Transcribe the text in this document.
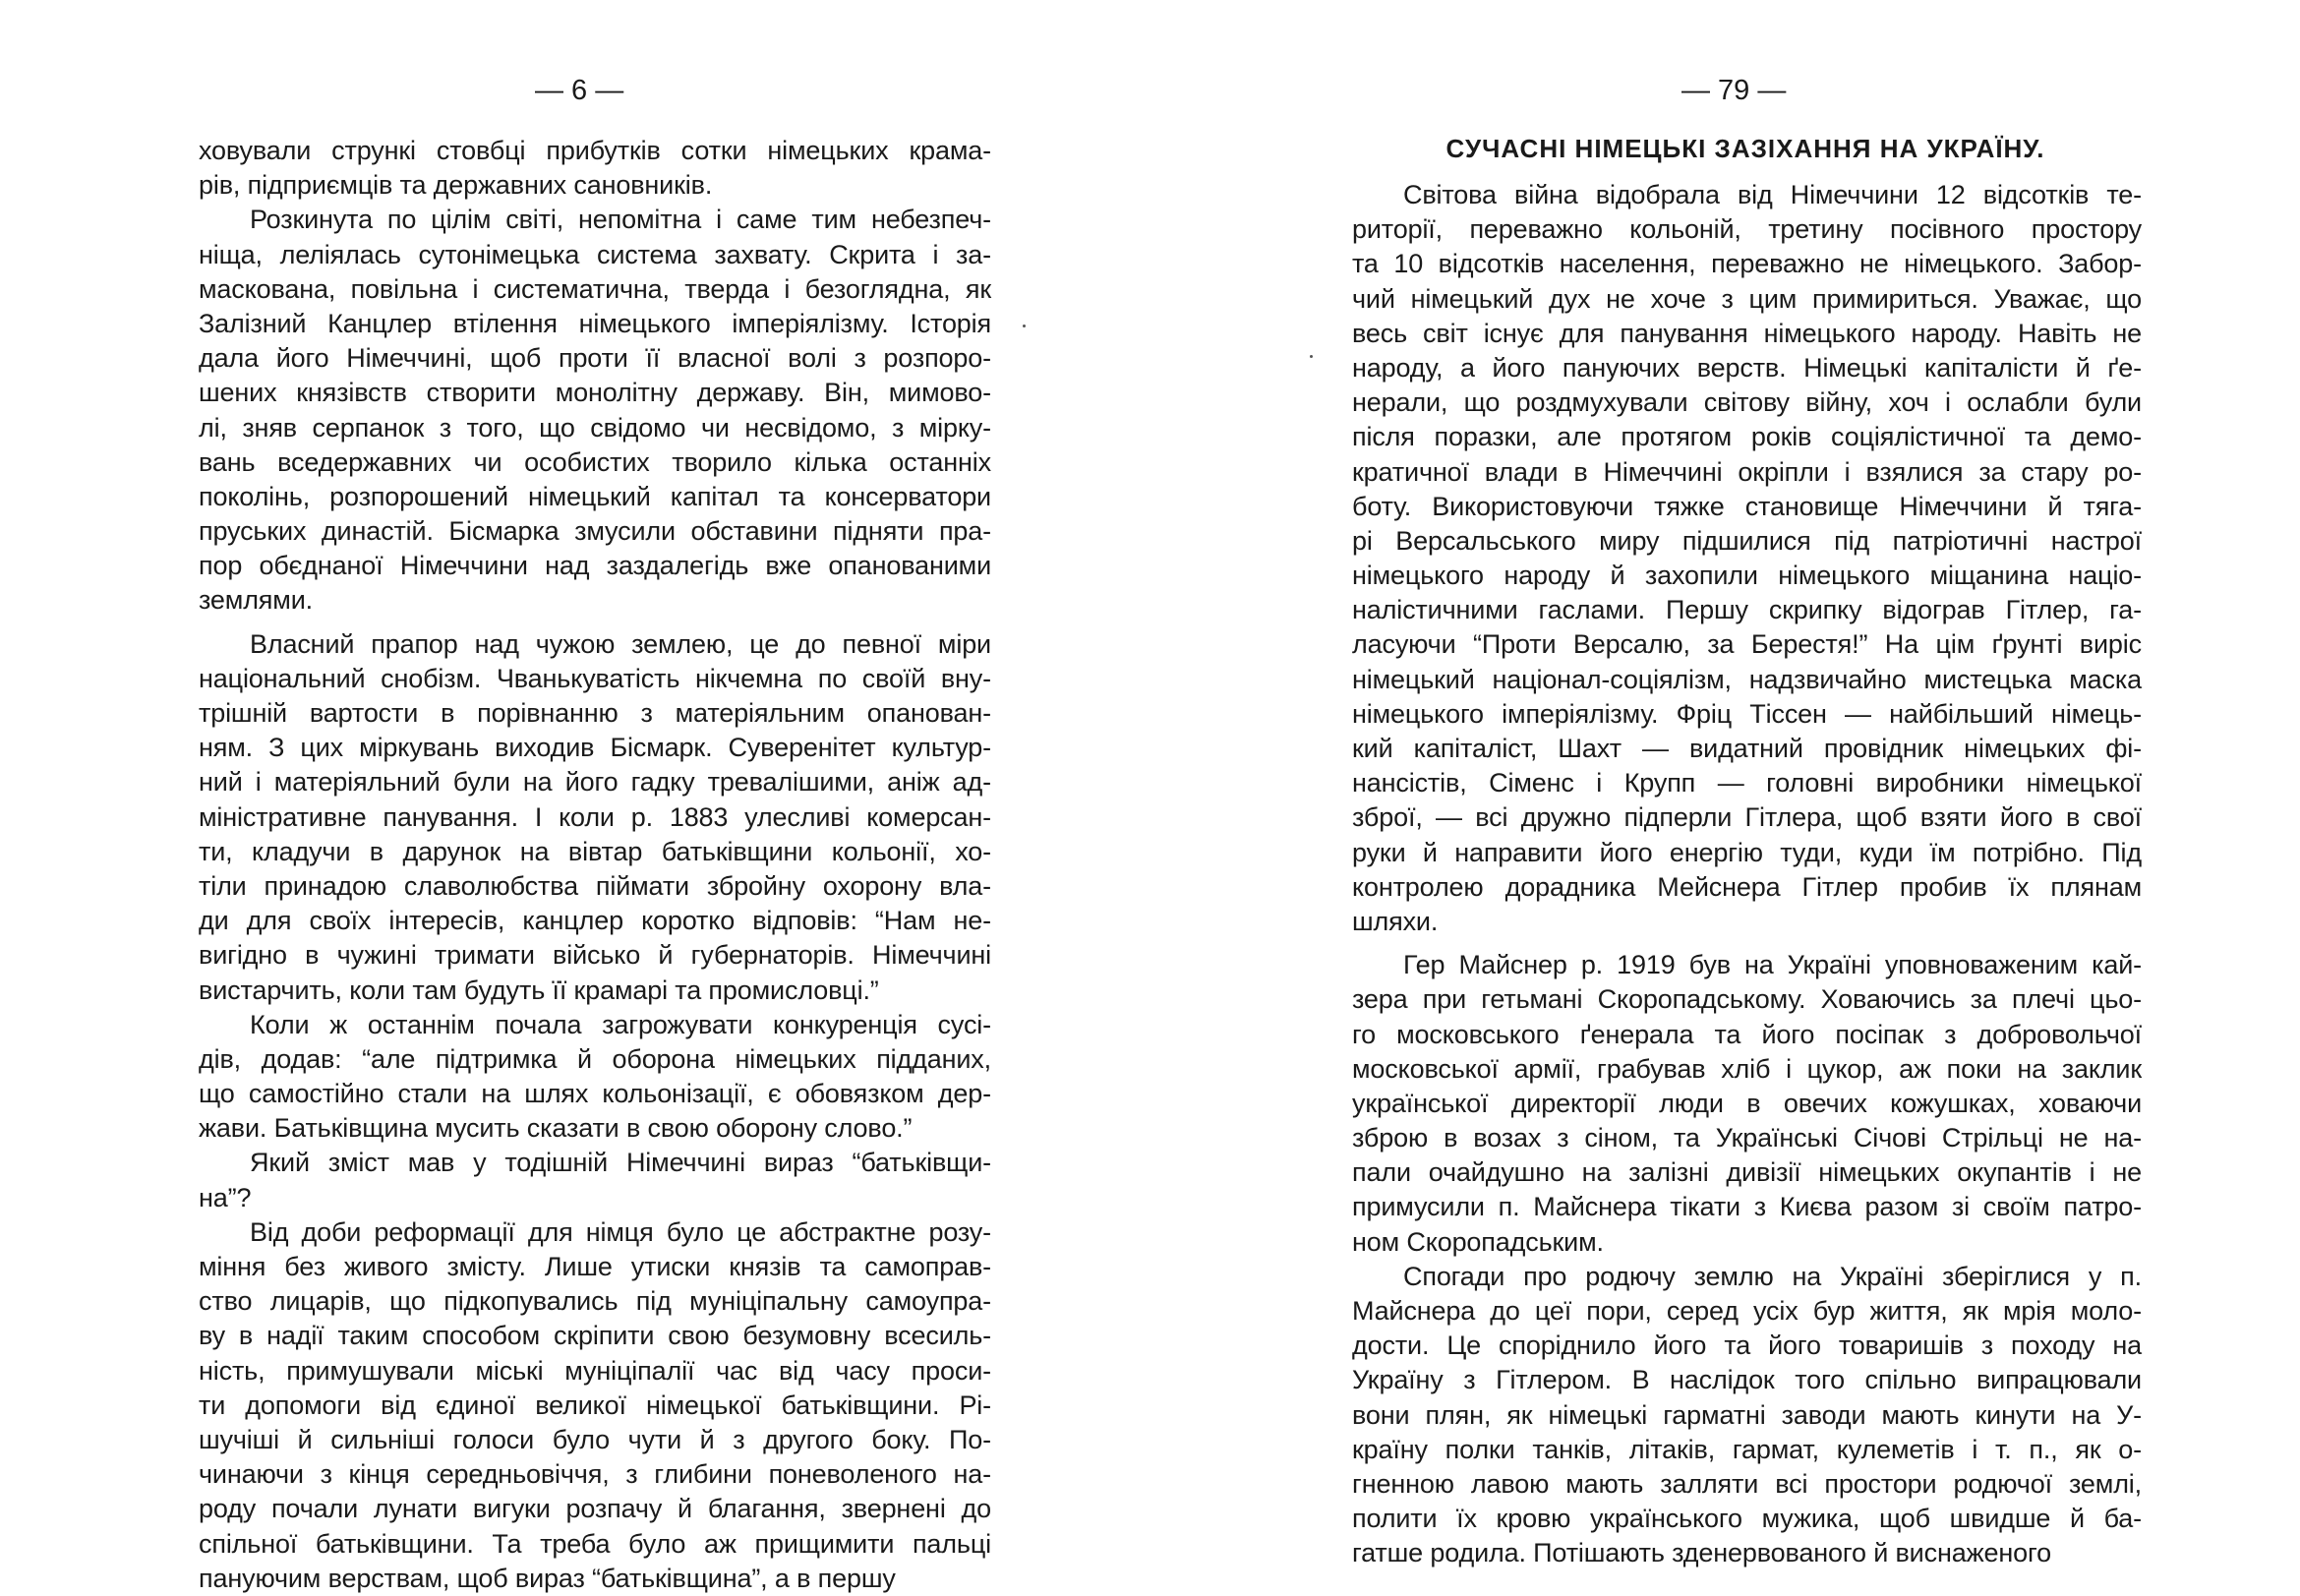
— 6 —
ховували стрункі стовбці прибутків сотки німецьких крама-
рів, підприємців та державних сановників.
Розкинута по цілім світі, непомітна і саме тим небезпеч-
ніща, леліялась сутонімецька система захвату. Скрита і за-
маскована, повільна і систематична, тверда і безоглядна, як
Залізний Канцлер втілення німецького імперіялізму. Історія
дала його Німеччині, щоб проти її власної волі з розпоро-
шених князівств створити монолітну державу. Він, мимово-
лі, зняв серпанок з того, що свідомо чи несвідомо, з мірку-
вань вседержавних чи особистих творило кілька останніх
поколінь, розпорошений німецький капітал та консерватори
пруських династій. Бісмарка змусили обставини підняти пра-
пор обєднаної Німеччини над заздалегідь вже опанованими
землями.
Власний прапор над чужою землею, це до певної міри
національний снобізм. Чванькуватість нікчемна по своїй вну-
трішній вартости в порівнанню з матеріяльним опанован-
ням. З цих міркувань виходив Бісмарк. Суверенітет культур-
ний і матеріяльний були на його гадку тревалішими, аніж ад-
міністративне панування. І коли р. 1883 улесливі комерсан-
ти, кладучи в дарунок на вівтар батьківщини кольонії, хо-
тіли принадою славолюбства піймати збройну охорону вла-
ди для своїх інтересів, канцлер коротко відповів: “Нам не-
вигідно в чужині тримати військо й губернаторів. Німеччині
вистарчить, коли там будуть її крамарі та промисловці.”
Коли ж останнім почала загрожувати конкуренція сусі-
дів, додав: “але підтримка й оборона німецьких підданих,
що самостійно стали на шлях кольонізації, є обовязком дер-
жави. Батьківщина мусить сказати в свою оборону слово.”
Який зміст мав у тодішній Німеччині вираз “батьківщи-
на”?
Від доби реформації для німця було це абстрактне розу-
міння без живого змісту. Лише утиски князів та самоправ-
ство лицарів, що підкопувались під муніціпальну самоупра-
ву в надії таким способом скріпити свою безумовну всесиль-
ність, примушували міські муніціпалії час від часу проси-
ти допомоги від єдиної великої німецької батьківщини. Рі-
шучіші й сильніші голоси було чути й з другого боку. По-
чинаючи з кінця середньовіччя, з глибини поневоленого на-
роду почали лунати вигуки розпачу й благання, звернені до
спільної батьківщини. Та треба було аж прищимити пальці
пануючим верствам, щоб вираз “батьківщина”, а в першу
— 79 —
СУЧАСНІ НІМЕЦЬКІ ЗАЗІХАННЯ НА УКРАЇНУ.
Світова війна відобрала від Німеччини 12 відсотків те-
риторії, переважно кольоній, третину посівного простору
та 10 відсотків населення, переважно не німецького. Забор-
чий німецький дух не хоче з цим примириться. Уважає, що
весь світ існує для панування німецького народу. Навіть не
народу, а його пануючих верств. Німецькі капіталісти й ґе-
нерали, що роздмухували світову війну, хоч і ослабли були
після поразки, але протягом років соціялістичної та демо-
кратичної влади в Німеччині окріпли і взялися за стару ро-
боту. Використовуючи тяжке становище Німеччини й тяга-
рі Версальського миру підшилися під патріотичні настрої
німецького народу й захопили німецького міщанина націо-
налістичними гаслами. Першу скрипку відограв Гітлер, га-
ласуючи “Проти Версалю, за Берестя!” На цім ґрунті виріс
німецький націонал-соціялізм, надзвичайно мистецька маска
німецького імперіялізму. Фріц Тіссен — найбільший німець-
кий капіталіст, Шахт — видатний провідник німецьких фі-
нансістів, Сіменс і Крупп — головні виробники німецької
зброї, — всі дружно підперли Гітлера, щоб взяти його в свої
руки й направити його енергію туди, куди їм потрібно. Під
контролею дорадника Мейснера Гітлер пробив їх плянам
шляхи.
Гер Майснер р. 1919 був на Україні уповноваженим кай-
зера при гетьмані Скоропадському. Ховаючись за плечі цьо-
го московського ґенерала та його посіпак з добровольчої
московської армії, грабував хліб і цукор, аж поки на заклик
української директорії люди в овечих кожушках, ховаючи
зброю в возах з сіном, та Українські Січові Стрільці не на-
пали очайдушно на залізні дивізії німецьких окупантів і не
примусили п. Майснера тікати з Києва разом зі своїм патро-
ном Скоропадським.
Спогади про родючу землю на Україні зберіглися у п.
Майснера до цеї пори, серед усіх бур життя, як мрія моло-
дости. Це споріднило його та його товаришів з походу на
Україну з Гітлером. В наслідок того спільно випрацювали
вони плян, як німецькі гарматні заводи мають кинути на У-
країну полки танків, літаків, гармат, кулеметів і т. п., як о-
гненною лавою мають залляти всі простори родючої землі,
полити їх кровю українського мужика, щоб швидше й ба-
гатше родила. Потішають зденервованого й виснаженого
